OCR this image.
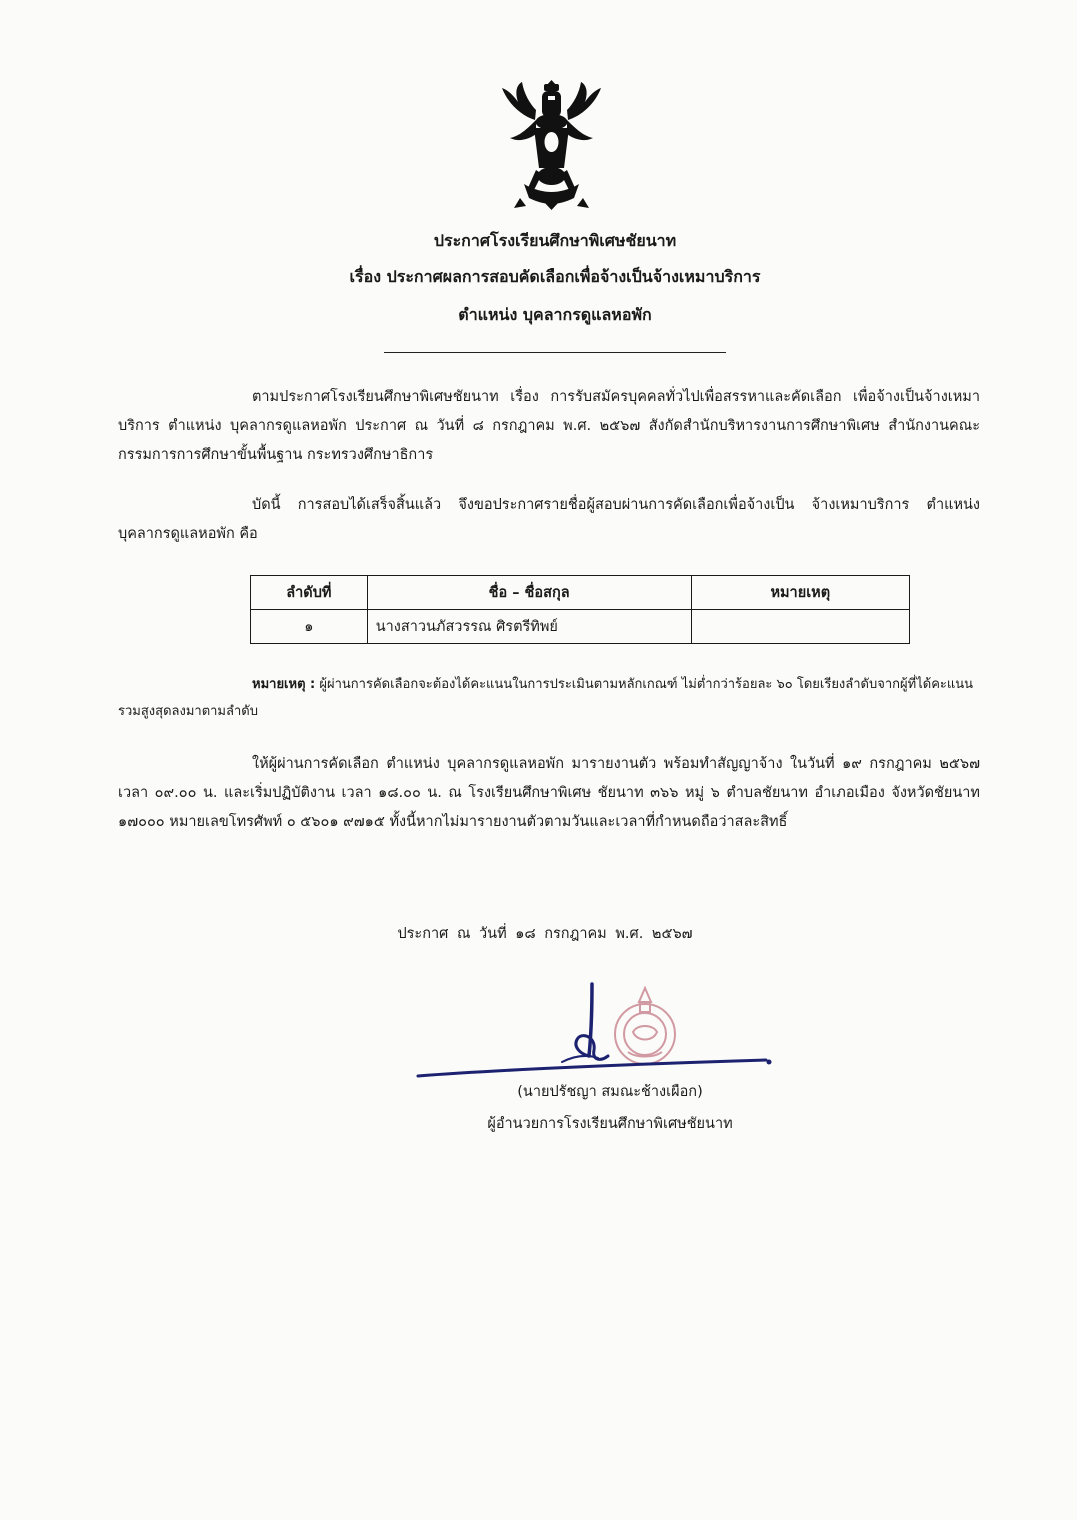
ประกาศโรงเรียนศึกษาพิเศษชัยนาท
เรื่อง ประกาศผลการสอบคัดเลือกเพื่อจ้างเป็นจ้างเหมาบริการ
ตำแหน่ง บุคลากรดูแลหอพัก
ตามประกาศโรงเรียนศึกษาพิเศษชัยนาท เรื่อง การรับสมัครบุคคลทั่วไปเพื่อสรรหาและคัดเลือก เพื่อจ้างเป็นจ้างเหมาบริการ ตำแหน่ง บุคลากรดูแลหอพัก ประกาศ ณ วันที่ ๘ กรกฎาคม พ.ศ. ๒๕๖๗ สังกัดสำนักบริหารงานการศึกษาพิเศษ สำนักงานคณะกรรมการการศึกษาขั้นพื้นฐาน กระทรวงศึกษาธิการ
บัดนี้ การสอบได้เสร็จสิ้นแล้ว จึงขอประกาศรายชื่อผู้สอบผ่านการคัดเลือกเพื่อจ้างเป็น จ้างเหมาบริการ ตำแหน่ง บุคลากรดูแลหอพัก คือ
ลำดับที่	ชื่อ – ชื่อสกุล	หมายเหตุ
๑	นางสาวนภัสวรรณ ศิรตรีทิพย์	
หมายเหตุ : ผู้ผ่านการคัดเลือกจะต้องได้คะแนนในการประเมินตามหลักเกณฑ์ ไม่ต่ำกว่าร้อยละ ๖๐ โดยเรียงลำดับจากผู้ที่ได้คะแนนรวมสูงสุดลงมาตามลำดับ
ให้ผู้ผ่านการคัดเลือก ตำแหน่ง บุคลากรดูแลหอพัก มารายงานตัว พร้อมทำสัญญาจ้าง ในวันที่ ๑๙ กรกฎาคม ๒๕๖๗ เวลา ๐๙.๐๐ น. และเริ่มปฏิบัติงาน เวลา ๑๘.๐๐ น. ณ โรงเรียนศึกษาพิเศษ ชัยนาท ๓๖๖ หมู่ ๖ ตำบลชัยนาท อำเภอเมือง จังหวัดชัยนาท ๑๗๐๐๐ หมายเลขโทรศัพท์ ๐ ๕๖๐๑ ๙๗๑๕ ทั้งนี้หากไม่มารายงานตัวตามวันและเวลาที่กำหนดถือว่าสละสิทธิ์
ประกาศ ณ วันที่ ๑๘ กรกฎาคม พ.ศ. ๒๕๖๗
(นายปรัชญา สมณะช้างเผือก)
ผู้อำนวยการโรงเรียนศึกษาพิเศษชัยนาท
